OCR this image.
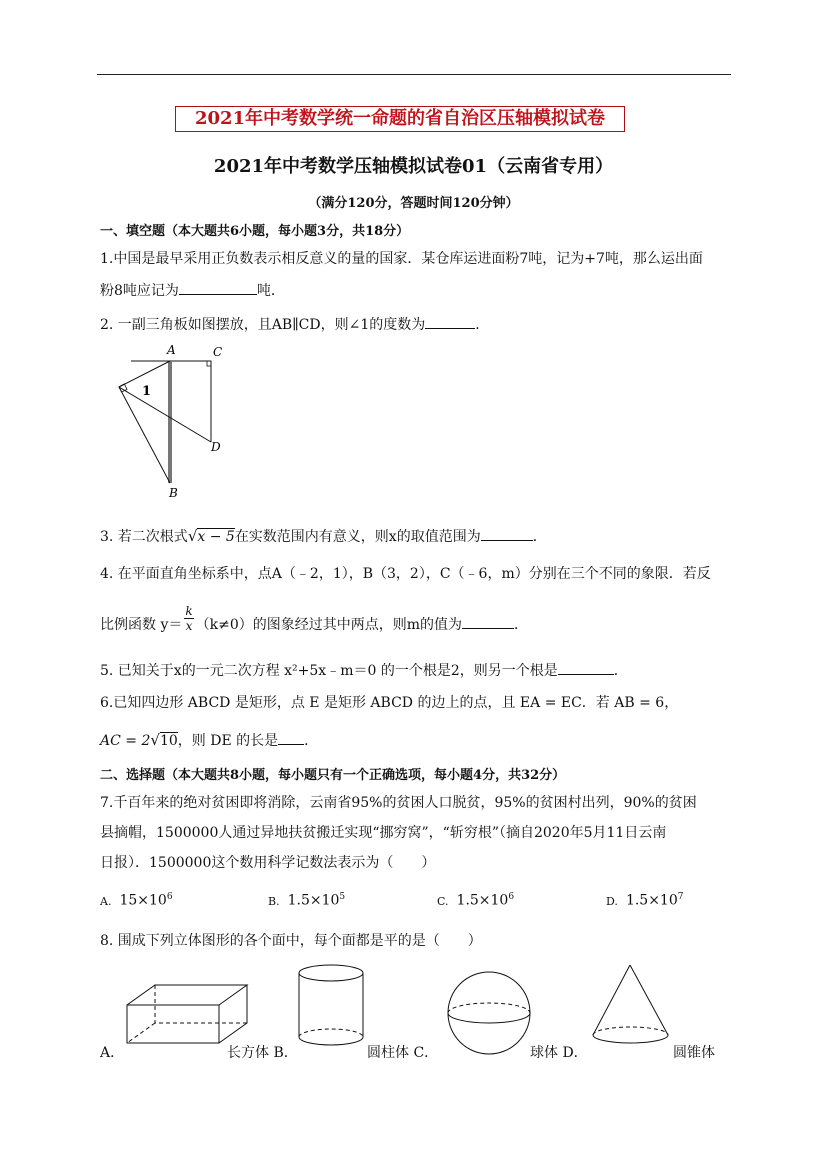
2021年中考数学统一命题的省自治区压轴模拟试卷
2021年中考数学压轴模拟试卷01（云南省专用）
（满分120分，答题时间120分钟）
一、填空题（本大题共6小题，每小题3分，共18分）
1.中国是最早采用正负数表示相反意义的量的国家．某仓库运进面粉7吨，记为+7吨，那么运出面
粉8吨应记为	吨．
2. 一副三角板如图摆放，且AB∥CD，则∠1的度数为	．
A	C
D
B
1
3. 若二次根式√x − 5在实数范围内有意义，则x的取值范围为	．
4. 在平面直角坐标系中，点A（﹣2，1），B（3，2），C（﹣6，m）分别在三个不同的象限．若反
比例函数 $y= \frac{k}{x} (k\ne 0)$的图象经过其中两点，则m的值为	．
5. 已知关于x的一元二次方程 x²+5x﹣m＝0 的一个根是2，则另一个根是	．
6.已知四边形 ABCD 是矩形，点 E 是矩形 ABCD 的边上的点，且 EA = EC．若 AB = 6，
AC = 2√10，则 DE 的长是 ．
二、选择题（本大题共8小题，每小题只有一个正确选项，每小题4分，共32分）
7.千百年来的绝对贫困即将消除，云南省95%的贫困人口脱贫，95%的贫困村出列，90%的贫困
县摘帽，1500000人通过异地扶贫搬迁实现“挪穷窝”，“斩穷根”（摘自2020年5月11日云南
日报）．1500000这个数用科学记数法表示为（　　）
A. $15\times 10^6$	B. $1.5\times 10^5$	C. $1.5\times 10^6$	D. $1.5\times 10^7$
8. 围成下列立体图形的各个面中，每个面都是平的是（　　）
A．	长方体 B．	圆柱体 C．	球体 D．	圆锥体
